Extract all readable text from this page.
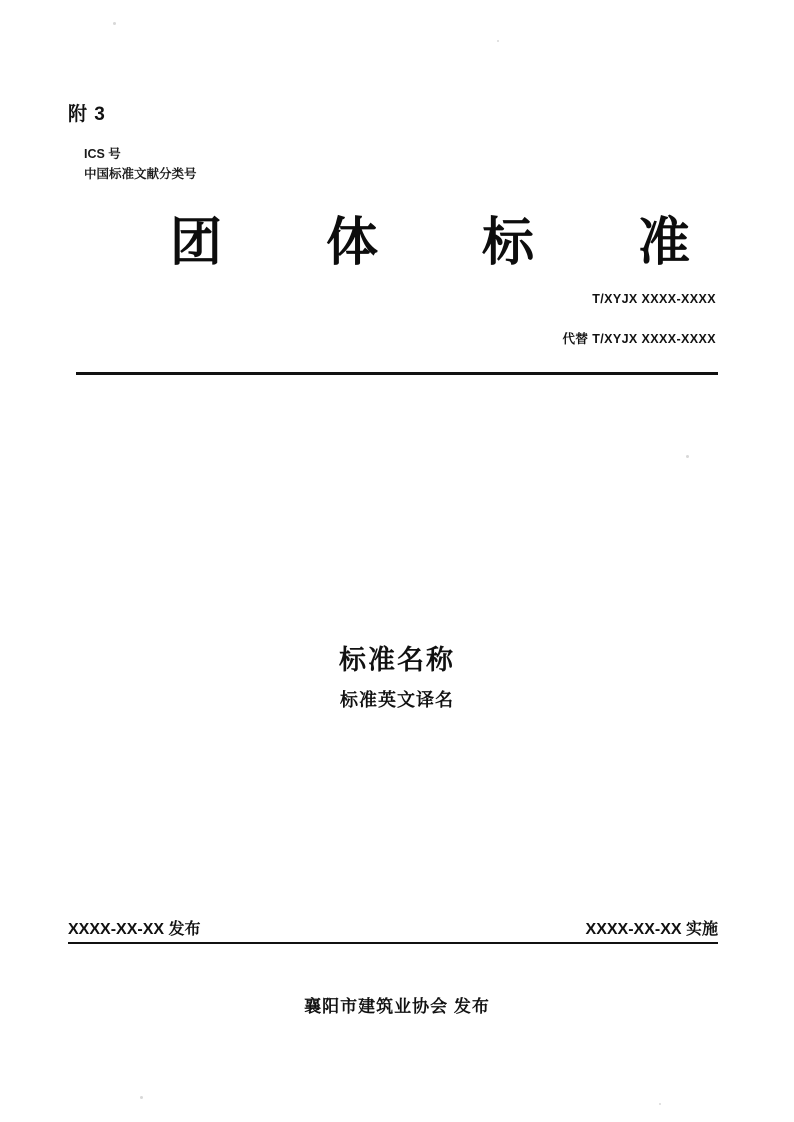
附 3
ICS 号
中国标准文献分类号
团 体 标 准
T/XYJX XXXX-XXXX
代替 T/XYJX XXXX-XXXX
标准名称
标准英文译名
XXXX-XX-XX 发布	XXXX-XX-XX 实施
襄阳市建筑业协会 发布
